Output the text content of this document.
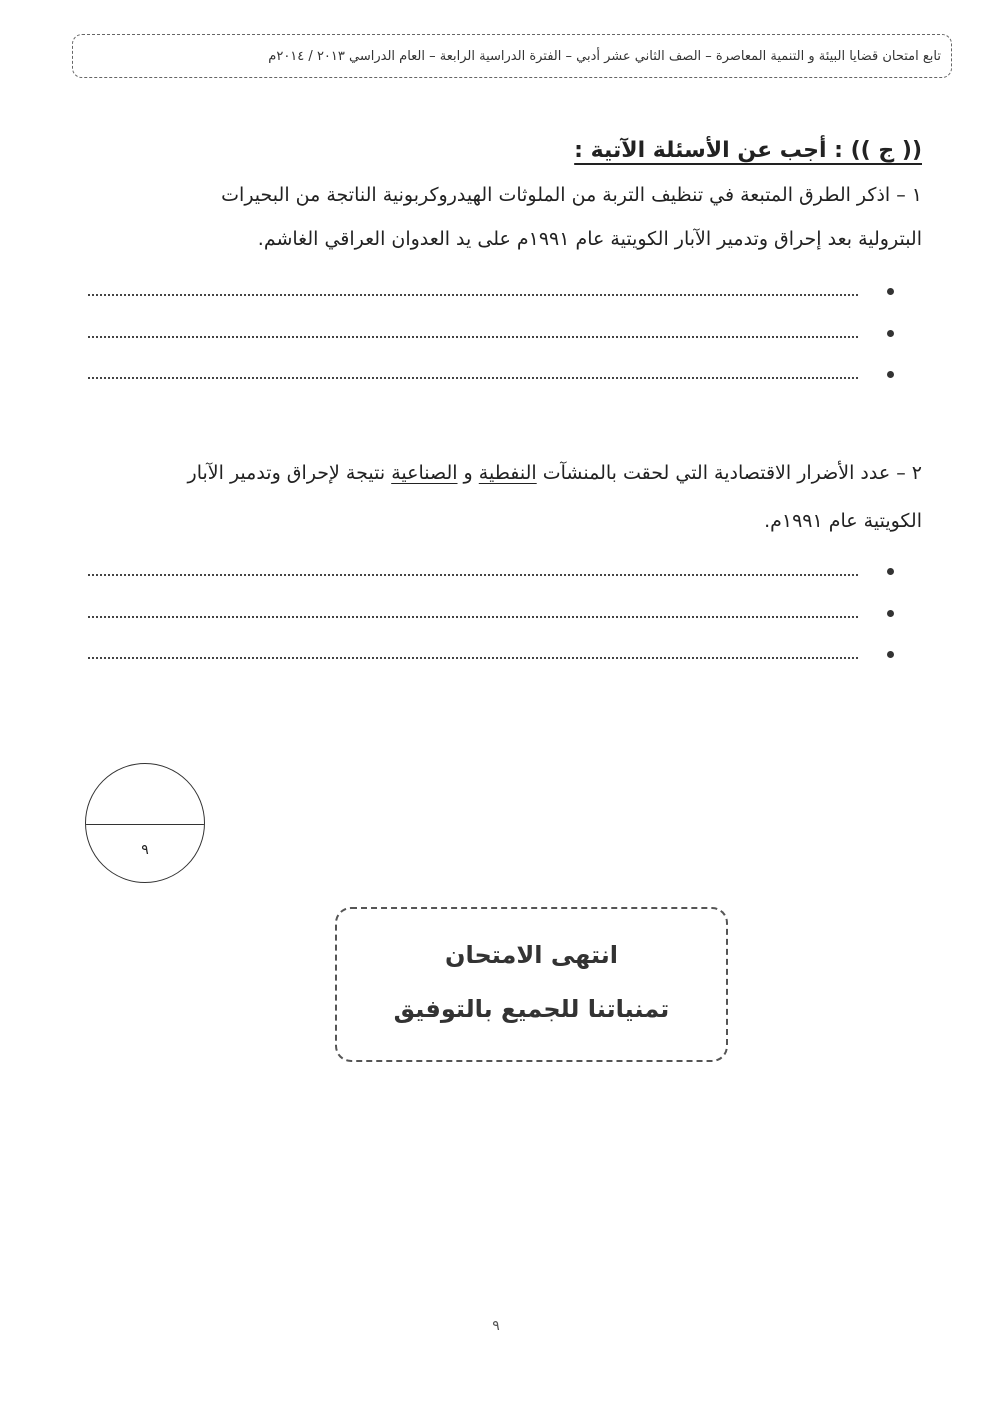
تابع امتحان قضايا البيئة و التنمية المعاصرة – الصف الثاني عشر أدبي – الفترة الدراسية الرابعة – العام الدراسي ٢٠١٣ / ٢٠١٤م
(( ج )) : أجب عن الأسئلة الآتية :
١ – اذكر الطرق المتبعة في تنظيف التربة من الملوثات الهيدروكربونية الناتجة من البحيرات
البترولية بعد إحراق وتدمير الآبار الكويتية عام ١٩٩١م على يد العدوان العراقي الغاشم.
٢ – عدد الأضرار الاقتصادية التي لحقت بالمنشآت النفطية و الصناعية نتيجة لإحراق وتدمير الآبار
الكويتية عام ١٩٩١م.
٩
انتهى الامتحان
تمنياتنا للجميع بالتوفيق
٩
